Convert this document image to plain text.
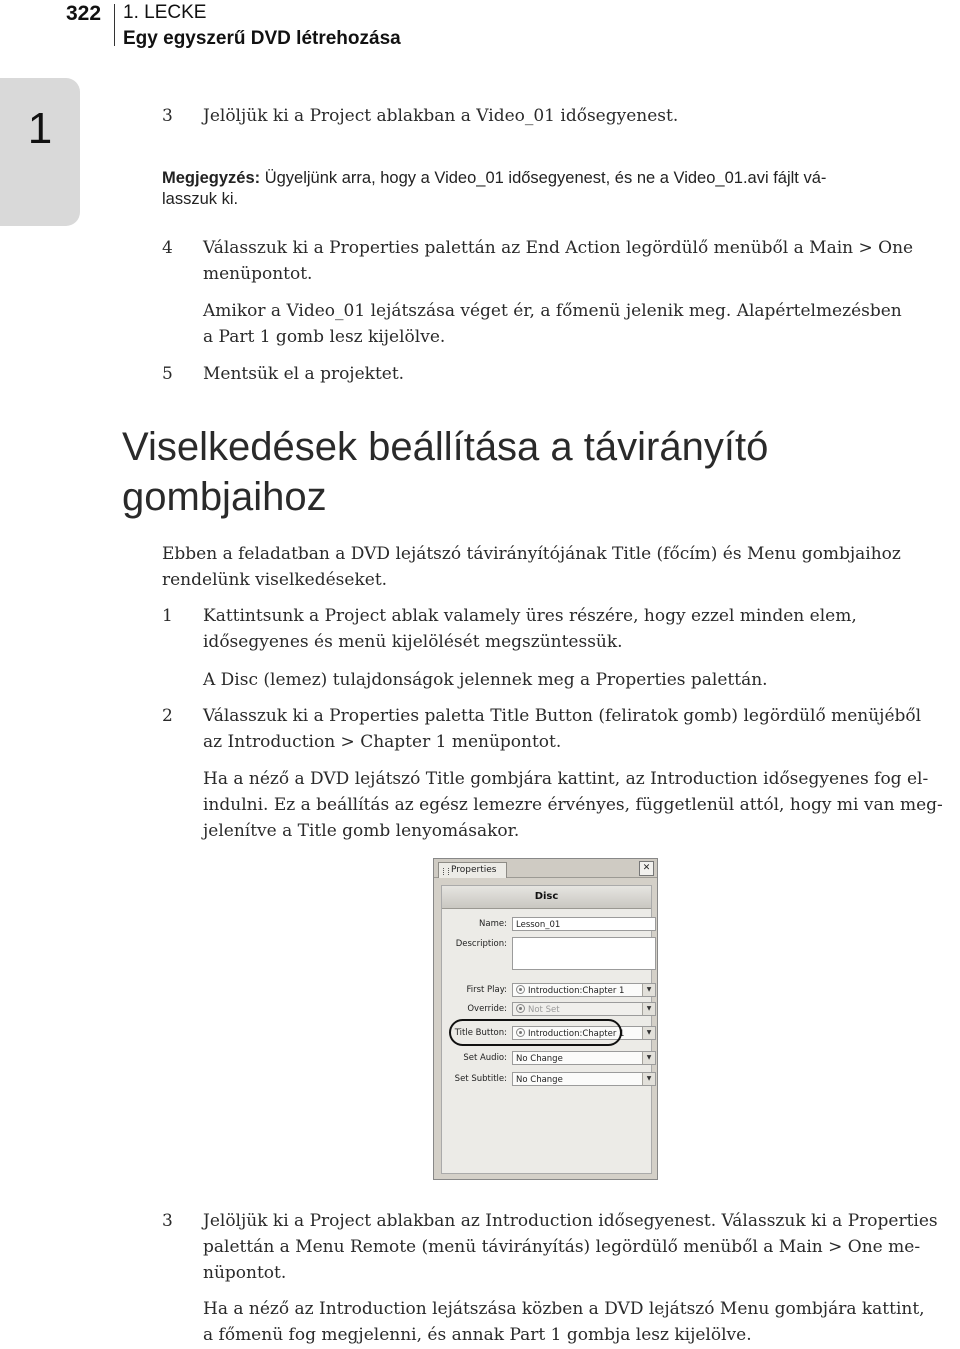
322 1. LECKE
Egy egyszerű DVD létrehozása
1	3 Jelöljük ki a Project ablakban a Video_01 idősegyenest.
Megjegyzés: Ügyeljünk arra, hogy a Video_01 idősegyenest, és ne a Video_01.avi fájlt vá-
lasszuk ki.
4 Válasszuk ki a Properties palettán az End Action legördülő menüből a Main > One
menüpontot.
Amikor a Video_01 lejátszása véget ér, a főmenü jelenik meg. Alapértelmezésben
a Part 1 gomb lesz kijelölve.
5 Mentsük el a projektet.
Viselkedések beállítása a távirányító
gombjaihoz
Ebben a feladatban a DVD lejátszó távirányítójának Title (főcím) és Menu gombjaihoz
rendelünk viselkedéseket.
1 Kattintsunk a Project ablak valamely üres részére, hogy ezzel minden elem,
idősegyenes és menü kijelölését megszüntessük.
A Disc (lemez) tulajdonságok jelennek meg a Properties palettán.
2 Válasszuk ki a Properties paletta Title Button (feliratok gomb) legördülő menüjéből
az Introduction > Chapter 1 menüpontot.
Ha a néző a DVD lejátszó Title gombjára kattint, az Introduction idősegyenes fog el-
indulni. Ez a beállítás az egész lemezre érvényes, függetlenül attól, hogy mi van meg-
jelenítve a Title gomb lenyomásakor.
Properties	✕
Disc
Name:	Lesson_01
Description:
First Play:	Introduction:Chapter 1	▼
Override:	Not Set	▼
Title Button:	Introduction:Chapter 1	▼
Set Audio:	No Change	▼
Set Subtitle:	No Change	▼
3 Jelöljük ki a Project ablakban az Introduction idősegyenest. Válasszuk ki a Properties
palettán a Menu Remote (menü távirányítás) legördülő menüből a Main > One me-
nüpontot.
Ha a néző az Introduction lejátszása közben a DVD lejátszó Menu gombjára kattint,
a főmenü fog megjelenni, és annak Part 1 gombja lesz kijelölve.
